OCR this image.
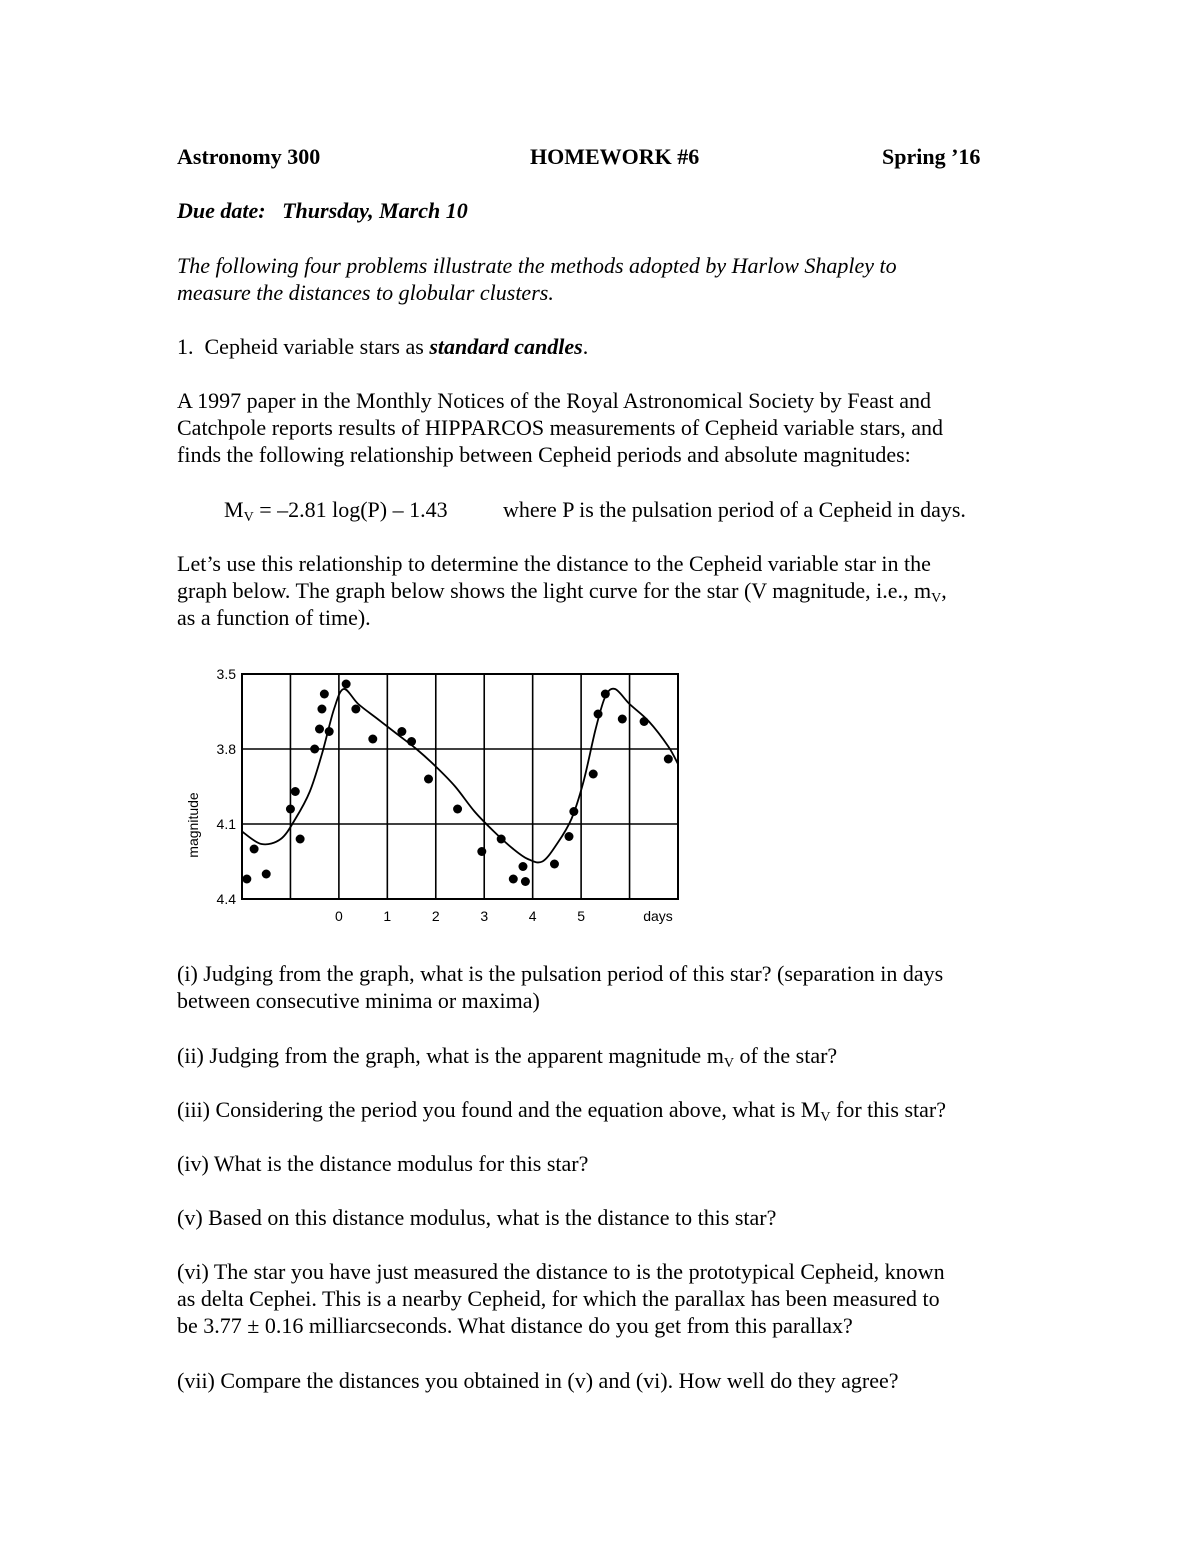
Astronomy 300	HOMEWORK #6	Spring ’16
Due date: Thursday, March 10
The following four problems illustrate the methods adopted by Harlow Shapley to
measure the distances to globular clusters.
1. Cepheid variable stars as standard candles.
A 1997 paper in the Monthly Notices of the Royal Astronomical Society by Feast and
Catchpole reports results of HIPPARCOS measurements of Cepheid variable stars, and
finds the following relationship between Cepheid periods and absolute magnitudes:
$M_V = -2.81$ log(P) – 1.43	where P is the pulsation period of a Cepheid in days.
Let’s use this relationship to determine the distance to the Cepheid variable star in the
graph below. The graph below shows the light curve for the star (V magnitude, i.e., $m_V$,
as a function of time).
3.5
3.8
4.1
4.4
0	1	2	3	4	5	days
magnitude
(i) Judging from the graph, what is the pulsation period of this star? (separation in days
between consecutive minima or maxima)
(ii) Judging from the graph, what is the apparent magnitude $m_V$ of the star?
(iii) Considering the period you found and the equation above, what is $M_V$ for this star?
(iv) What is the distance modulus for this star?
(v) Based on this distance modulus, what is the distance to this star?
(vi) The star you have just measured the distance to is the prototypical Cepheid, known
as delta Cephei. This is a nearby Cepheid, for which the parallax has been measured to
be 3.77 ± 0.16 milliarcseconds. What distance do you get from this parallax?
(vii) Compare the distances you obtained in (v) and (vi). How well do they agree?
